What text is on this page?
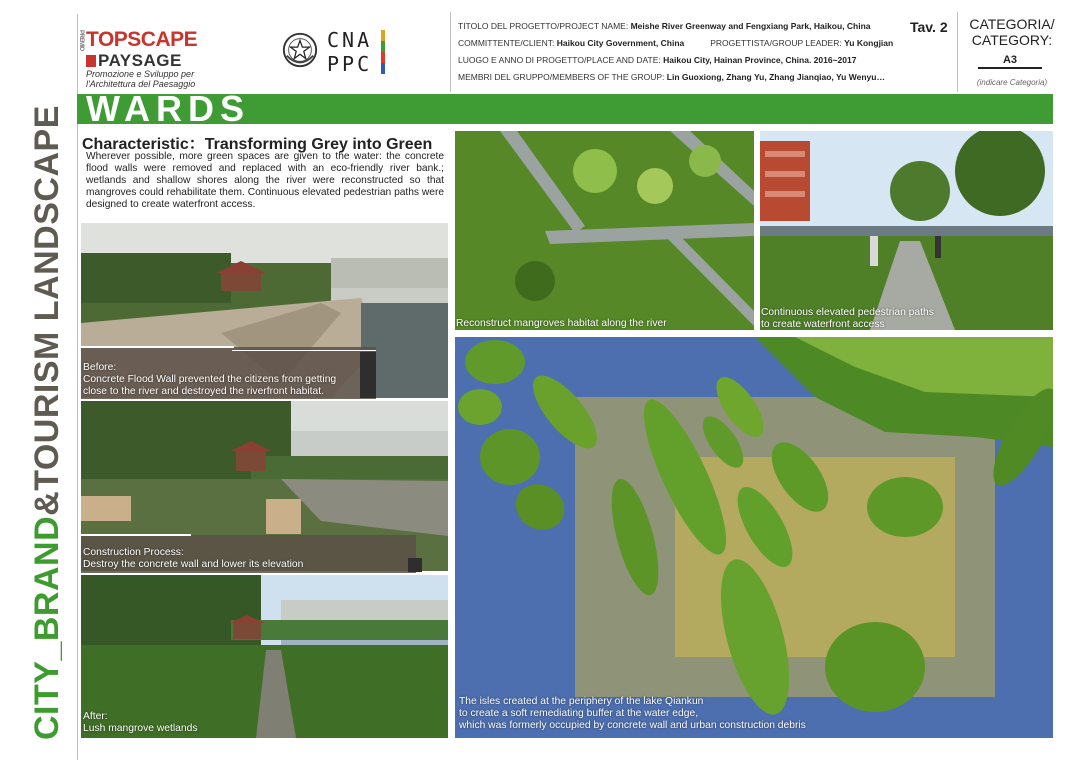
CITY_BRAND&TOURISM LANDSCAPE
PREMIO TOPSCAPE
PAYSAGE
Promozione e Sviluppo per l'Architettura del Paesaggio
CNA
PPC
TITOLO DEL PROGETTO/PROJECT NAME: Meishe River Greenway and Fengxiang Park, Haikou, China
COMMITTENTE/CLIENT: Haikou City Government, China	PROGETTISTA/GROUP LEADER: Yu Kongjian
LUOGO E ANNO DI PROGETTO/PLACE AND DATE: Haikou City, Hainan Province, China. 2016~2017
MEMBRI DEL GRUPPO/MEMBERS OF THE GROUP: Lin Guoxiong, Zhang Yu, Zhang Jianqiao, Yu Wenyu…
Tav. 2	CATEGORIA/ CATEGORY:
A3
(indicare Categoria)
WARDS
Characteristic：Transforming Grey into Green
Wherever possible, more green spaces are given to the water: the concrete flood walls were removed and replaced with an eco-friendly river bank.; wetlands and shallow shores along the river were reconstructed so that mangroves could rehabilitate them. Continuous elevated pedestrian paths were designed to create waterfront access.
Before:
Concrete Flood Wall prevented the citizens from getting
close to the river and destroyed the riverfront habitat.
Construction Process:
Destroy the concrete wall and lower its elevation
After:
Lush mangrove wetlands
Reconstruct mangroves habitat along the river
Continuous elevated pedestrian paths
to create waterfront access
The isles created at the periphery of the lake Qiankun
to create a soft remediating buffer at the water edge,
which was formerly occupied by concrete wall and urban construction debris
